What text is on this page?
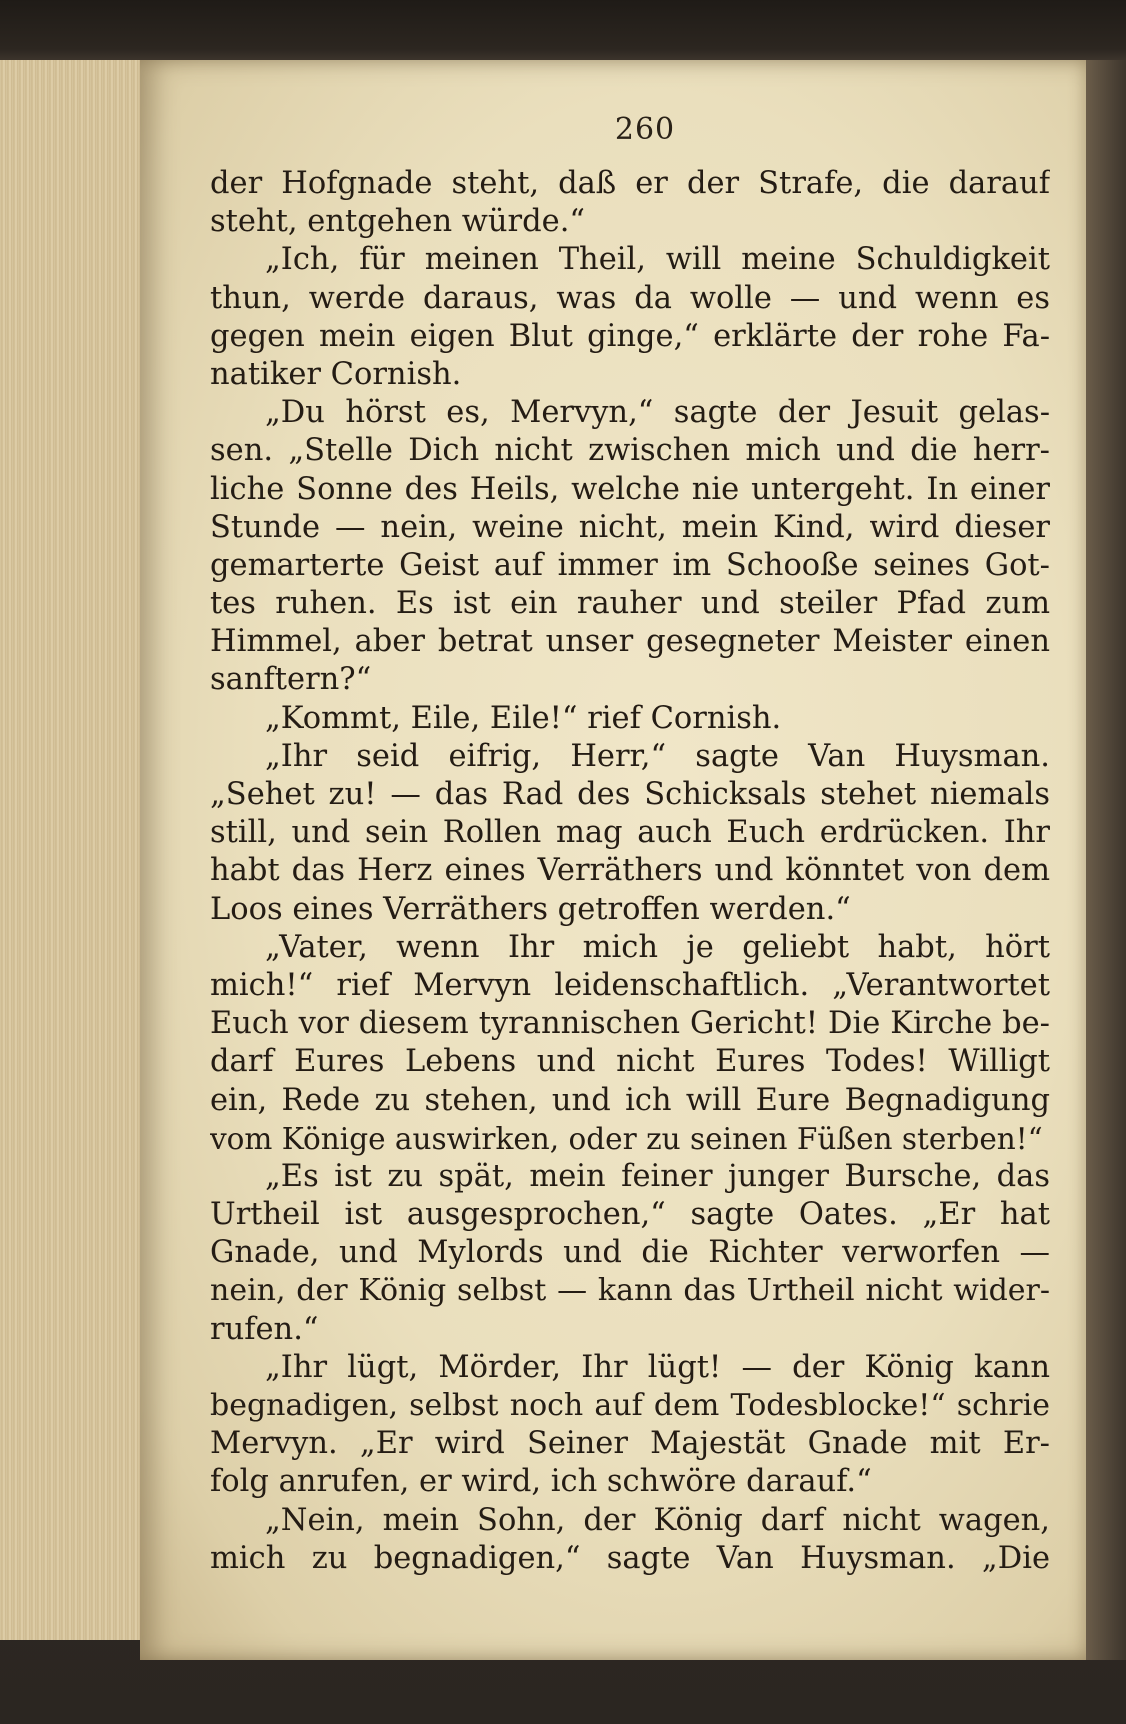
260
der Hofgnade steht, daß er der Strafe, die darauf
steht, entgehen würde.“
„Ich, für meinen Theil, will meine Schuldigkeit
thun, werde daraus, was da wolle — und wenn es
gegen mein eigen Blut ginge,“ erklärte der rohe Fa-
natiker Cornish.
„Du hörst es, Mervyn,“ sagte der Jesuit gelas-
sen. „Stelle Dich nicht zwischen mich und die herr-
liche Sonne des Heils, welche nie untergeht. In einer
Stunde — nein, weine nicht, mein Kind, wird dieser
gemarterte Geist auf immer im Schooße seines Got-
tes ruhen. Es ist ein rauher und steiler Pfad zum
Himmel, aber betrat unser gesegneter Meister einen
sanftern?“
„Kommt, Eile, Eile!“ rief Cornish.
„Ihr seid eifrig, Herr,“ sagte Van Huysman.
„Sehet zu! — das Rad des Schicksals stehet niemals
still, und sein Rollen mag auch Euch erdrücken. Ihr
habt das Herz eines Verräthers und könntet von dem
Loos eines Verräthers getroffen werden.“
„Vater, wenn Ihr mich je geliebt habt, hört
mich!“ rief Mervyn leidenschaftlich. „Verantwortet
Euch vor diesem tyrannischen Gericht! Die Kirche be-
darf Eures Lebens und nicht Eures Todes! Willigt
ein, Rede zu stehen, und ich will Eure Begnadigung
vom Könige auswirken, oder zu seinen Füßen sterben!“
„Es ist zu spät, mein feiner junger Bursche, das
Urtheil ist ausgesprochen,“ sagte Oates. „Er hat
Gnade, und Mylords und die Richter verworfen —
nein, der König selbst — kann das Urtheil nicht wider-
rufen.“
„Ihr lügt, Mörder, Ihr lügt! — der König kann
begnadigen, selbst noch auf dem Todesblocke!“ schrie
Mervyn. „Er wird Seiner Majestät Gnade mit Er-
folg anrufen, er wird, ich schwöre darauf.“
„Nein, mein Sohn, der König darf nicht wagen,
mich zu begnadigen,“ sagte Van Huysman. „Die
